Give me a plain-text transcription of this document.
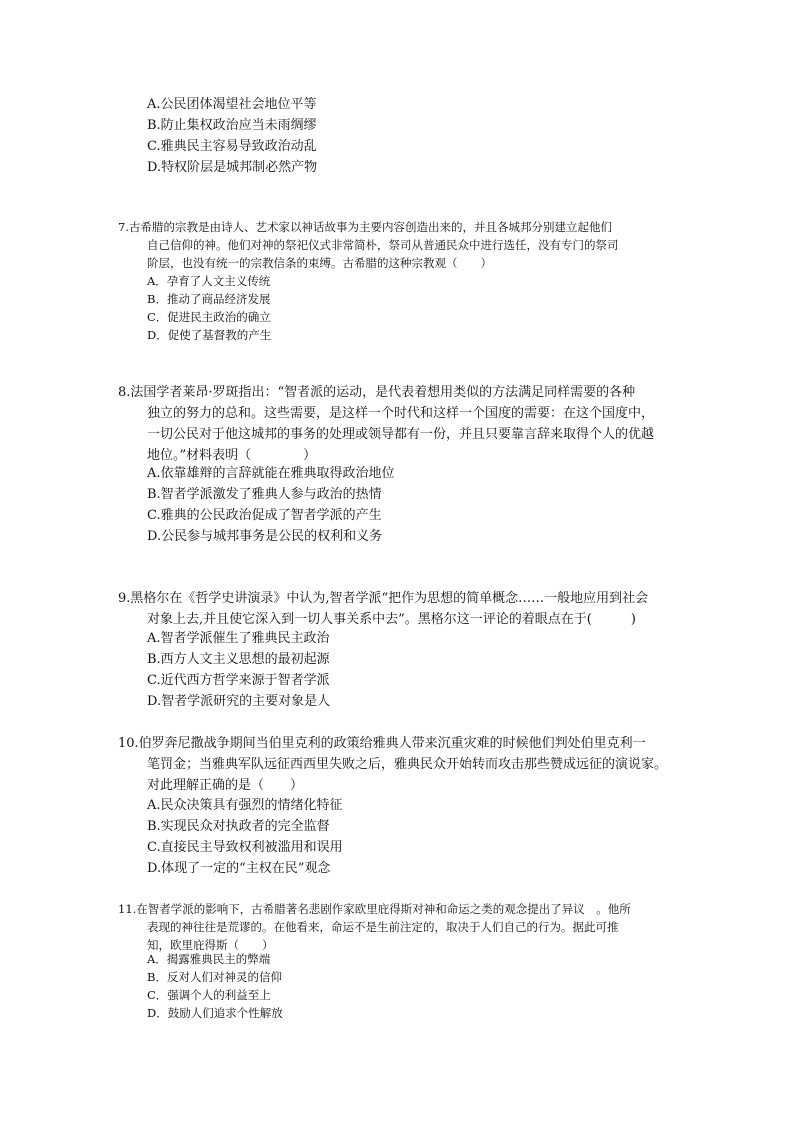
A.公民团体渴望社会地位平等
B.防止集权政治应当未雨绸缪
C.雅典民主容易导致政治动乱
D.特权阶层是城邦制必然产物
7.古希腊的宗教是由诗人、艺术家以神话故事为主要内容创造出来的，并且各城邦分别建立起他们
自己信仰的神。他们对神的祭祀仪式非常简朴，祭司从普通民众中进行选任，没有专门的祭司
阶层，也没有统一的宗教信条的束缚。古希腊的这种宗教观（　　）
A．孕育了人文主义传统
B．推动了商品经济发展
C．促进民主政治的确立
D．促使了基督教的产生
8.法国学者莱昂·罗斑指出：“智者派的运动，是代表着想用类似的方法满足同样需要的各种
独立的努力的总和。这些需要，是这样一个时代和这样一个国度的需要：在这个国度中，
一切公民对于他这城邦的事务的处理或领导都有一份，并且只要靠言辞来取得个人的优越
地位。”材料表明（　　　　）
A.依靠雄辩的言辞就能在雅典取得政治地位
B.智者学派激发了雅典人参与政治的热情
C.雅典的公民政治促成了智者学派的产生
D.公民参与城邦事务是公民的权利和义务
9.黑格尔在《哲学史讲演录》中认为,智者学派“把作为思想的简单概念……一般地应用到社会
对象上去,并且使它深入到一切人事关系中去”。黑格尔这一评论的着眼点在于(　　　)
A.智者学派催生了雅典民主政治
B.西方人文主义思想的最初起源
C.近代西方哲学来源于智者学派
D.智者学派研究的主要对象是人
10.伯罗奔尼撒战争期间当伯里克利的政策给雅典人带来沉重灾难的时候他们判处伯里克利一
笔罚金；当雅典军队远征西西里失败之后，雅典民众开始转而攻击那些赞成远征的演说家。
对此理解正确的是（　　）
A.民众决策具有强烈的情绪化特征
B.实现民众对执政者的完全监督
C.直接民主导致权利被滥用和误用
D.体现了一定的“主权在民”观念
11.在智者学派的影响下，古希腊著名悲剧作家欧里庇得斯对神和命运之类的观念提出了异议　。他所
表现的神往往是荒谬的。在他看来，命运不是生前注定的，取决于人们自己的行为。据此可推
知，欧里庇得斯（　　）
A．揭露雅典民主的弊端
B．反对人们对神灵的信仰
C．强调个人的利益至上
D．鼓励人们追求个性解放
